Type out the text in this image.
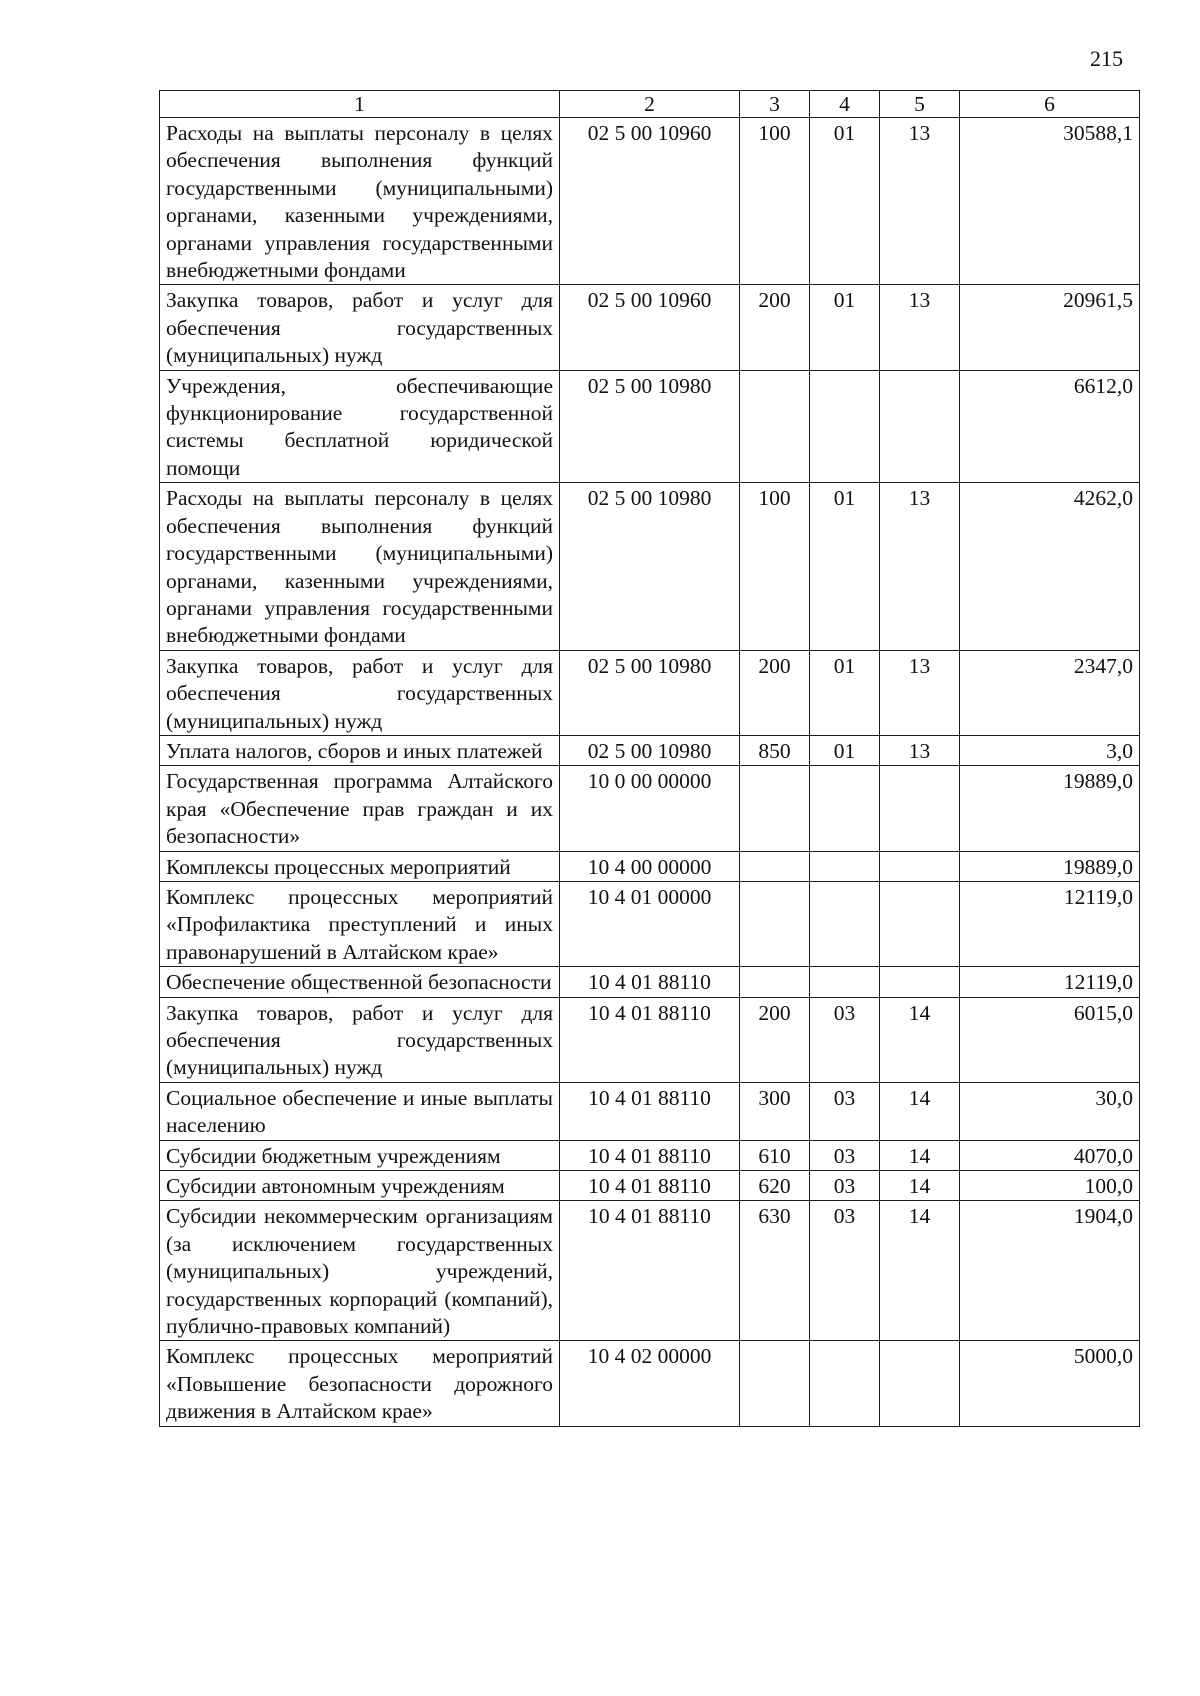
215
1	2	3	4	5	6
Расходы на выплаты персоналу в целях обеспечения выполнения функций государственными (муниципальными) органами, казенными учреждениями, органами управления государственными внебюджетными фондами	02 5 00 10960	100	01	13	30588,1
Закупка товаров, работ и услуг для обеспечения государственных (муниципальных) нужд	02 5 00 10960	200	01	13	20961,5
Учреждения, обеспечивающие функционирование государственной системы бесплатной юридической помощи	02 5 00 10980				6612,0
Расходы на выплаты персоналу в целях обеспечения выполнения функций государственными (муниципальными) органами, казенными учреждениями, органами управления государственными внебюджетными фондами	02 5 00 10980	100	01	13	4262,0
Закупка товаров, работ и услуг для обеспечения государственных (муниципальных) нужд	02 5 00 10980	200	01	13	2347,0
Уплата налогов, сборов и иных платежей	02 5 00 10980	850	01	13	3,0
Государственная программа Алтайского края «Обеспечение прав граждан и их безопасности»	10 0 00 00000				19889,0
Комплексы процессных мероприятий	10 4 00 00000				19889,0
Комплекс процессных мероприятий «Профилактика преступлений и иных правонарушений в Алтайском крае»	10 4 01 00000				12119,0
Обеспечение общественной безопасности	10 4 01 88110				12119,0
Закупка товаров, работ и услуг для обеспечения государственных (муниципальных) нужд	10 4 01 88110	200	03	14	6015,0
Социальное обеспечение и иные выплаты населению	10 4 01 88110	300	03	14	30,0
Субсидии бюджетным учреждениям	10 4 01 88110	610	03	14	4070,0
Субсидии автономным учреждениям	10 4 01 88110	620	03	14	100,0
Субсидии некоммерческим организациям (за исключением государственных (муниципальных) учреждений, государственных корпораций (компаний), публично-правовых компаний)	10 4 01 88110	630	03	14	1904,0
Комплекс процессных мероприятий «Повышение безопасности дорожного движения в Алтайском крае»	10 4 02 00000				5000,0
